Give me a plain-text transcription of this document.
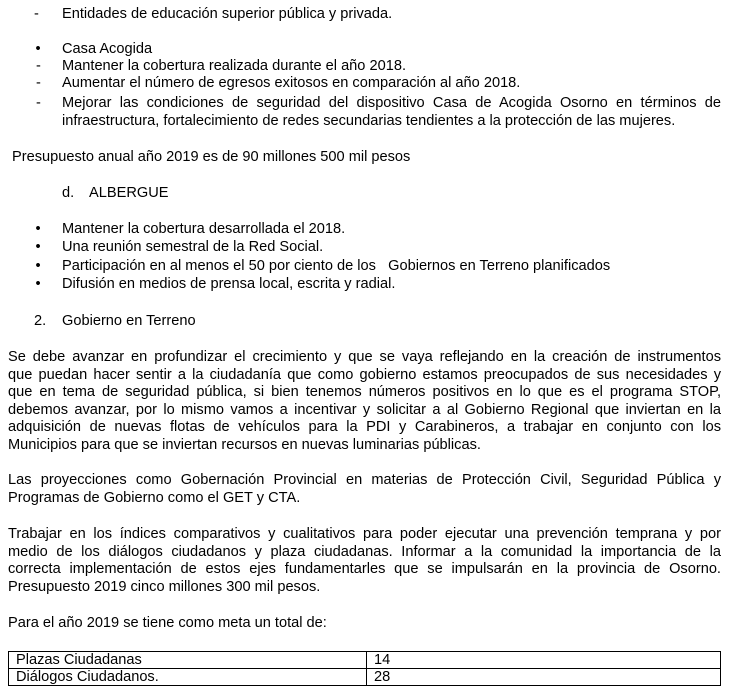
- Entidades de educación superior pública y privada.
•	Casa Acogida
- Mantener la cobertura realizada durante el año 2018.
- Aumentar el número de egresos exitosos en comparación al año 2018.
- Mejorar las condiciones de seguridad del dispositivo Casa de Acogida Osorno en términos de
infraestructura, fortalecimiento de redes secundarias tendientes a la protección de las mujeres.
Presupuesto anual año 2019 es de 90 millones 500 mil pesos
d. ALBERGUE
•	Mantener la cobertura desarrollada el 2018.
•	Una reunión semestral de la Red Social.
•	Participación en al menos el 50 por ciento de los   Gobiernos en Terreno planificados
•	Difusión en medios de prensa local, escrita y radial.
2. Gobierno en Terreno
Se debe avanzar en profundizar el crecimiento y que se vaya reflejando en la creación de instrumentos
que puedan hacer sentir a la ciudadanía que como gobierno estamos preocupados de sus necesidades y
que en tema de seguridad pública, si bien tenemos números positivos en lo que es el programa STOP,
debemos avanzar, por lo mismo vamos a incentivar y solicitar a al Gobierno Regional que inviertan en la
adquisición de nuevas flotas de vehículos para la PDI y Carabineros, a trabajar en conjunto con los
Municipios para que se inviertan recursos en nuevas luminarias públicas.
Las proyecciones como Gobernación Provincial en materias de Protección Civil, Seguridad Pública y
Programas de Gobierno como el GET y CTA.
Trabajar en los índices comparativos y cualitativos para poder ejecutar una prevención temprana y por
medio de los diálogos ciudadanos y plaza ciudadanas. Informar a la comunidad la importancia de la
correcta implementación de estos ejes fundamentarles que se impulsarán en la provincia de Osorno.
Presupuesto 2019 cinco millones 300 mil pesos.
Para el año 2019 se tiene como meta un total de:
Plazas Ciudadanas	14
Diálogos Ciudadanos.	28
